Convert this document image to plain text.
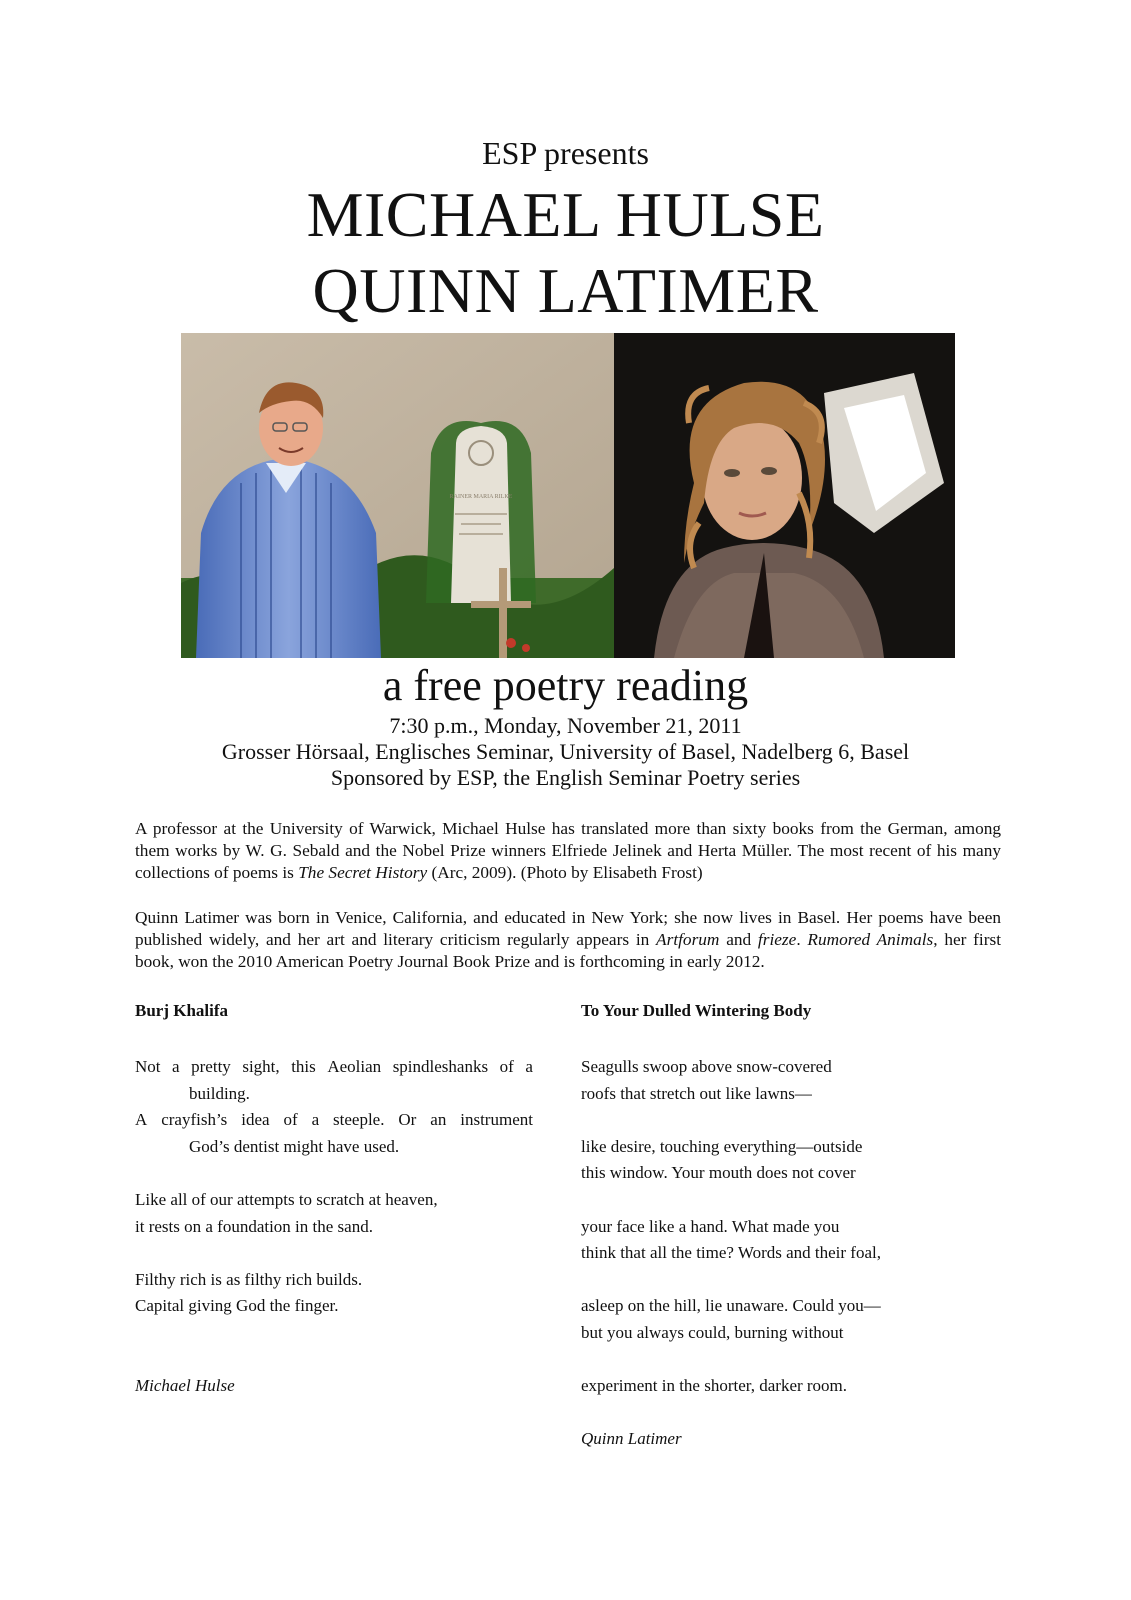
ESP presents
MICHAEL HULSE
QUINN LATIMER
RAINER MARIA RILKE
a free poetry reading
7:30 p.m., Monday, November 21, 2011
Grosser Hörsaal, Englisches Seminar, University of Basel, Nadelberg 6, Basel
Sponsored by ESP, the English Seminar Poetry series
A professor at the University of Warwick, Michael Hulse has translated more than sixty books from the German, among them works by W. G. Sebald and the Nobel Prize winners Elfriede Jelinek and Herta Müller. The most recent of his many collections of poems is The Secret History (Arc, 2009). (Photo by Elisabeth Frost)
Quinn Latimer was born in Venice, California, and educated in New York; she now lives in Basel. Her poems have been published widely, and her art and literary criticism regularly appears in Artforum and frieze. Rumored Animals, her first book, won the 2010 American Poetry Journal Book Prize and is forthcoming in early 2012.
Burj Khalifa
Not a pretty sight, this Aeolian spindleshanks of a
building.
A crayfish’s idea of a steeple. Or an instrument
God’s dentist might have used.
Like all of our attempts to scratch at heaven,
it rests on a foundation in the sand.
Filthy rich is as filthy rich builds.
Capital giving God the finger.
Michael Hulse
To Your Dulled Wintering Body
Seagulls swoop above snow-covered
roofs that stretch out like lawns—
like desire, touching everything—outside
this window. Your mouth does not cover
your face like a hand. What made you
think that all the time? Words and their foal,
asleep on the hill, lie unaware. Could you—
but you always could, burning without
experiment in the shorter, darker room.
Quinn Latimer
